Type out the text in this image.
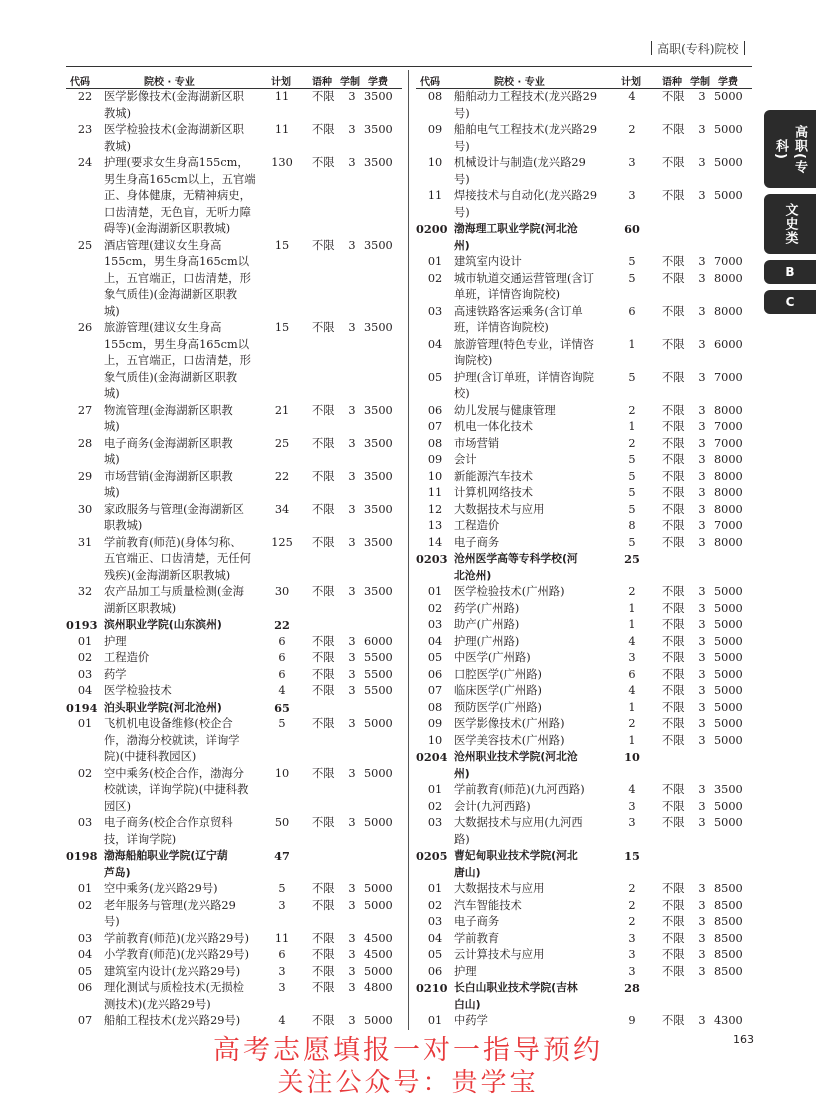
高职(专科)院校
代码	院校 · 专业	计划 语种 学制 学费
22	11	不限	3 3500
医学影像技术(金海湖新区职
教城)
23	11	不限	3 3500
医学检验技术(金海湖新区职
教城)
24	130	不限	3 3500
护理(要求女生身高155cm，
男生身高165cm以上，五官端
正、身体健康，无精神病史，
口齿清楚，无色盲，无听力障
碍等)(金海湖新区职教城)
25	15	不限	3 3500
酒店管理(建议女生身高
155cm，男生身高165cm以
上，五官端正，口齿清楚，形
象气质佳)(金海湖新区职教
城)
26	15	不限	3 3500
旅游管理(建议女生身高
155cm，男生身高165cm以
上，五官端正，口齿清楚，形
象气质佳)(金海湖新区职教
城)
27	21	不限	3 3500
物流管理(金海湖新区职教
城)
28	25	不限	3 3500
电子商务(金海湖新区职教
城)
29	22	不限	3 3500
市场营销(金海湖新区职教
城)
30	34	不限	3 3500
家政服务与管理(金海湖新区
职教城)
31	125	不限	3 3500
学前教育(师范)(身体匀称、
五官端正、口齿清楚，无任何
残疾)(金海湖新区职教城)
32	30	不限	3 3500
农产品加工与质量检测(金海
湖新区职教城)
0193	22
滨州职业学院(山东滨州)
01	6	不限	3 6000
护理
02	6	不限	3 5500
工程造价
03	6	不限	3 5500
药学
04	4	不限	3 5500
医学检验技术
0194	65
泊头职业学院(河北沧州)
01	5	不限	3 5000
飞机机电设备维修(校企合
作，渤海分校就读，详询学
院)(中捷科教园区)
02	10	不限	3 5000
空中乘务(校企合作，渤海分
校就读，详询学院)(中捷科教
园区)
03	50	不限	3 5000
电子商务(校企合作京贸科
技，详询学院)
0198	47
渤海船舶职业学院(辽宁葫
芦岛)
01	5	不限	3 5000
空中乘务(龙兴路29号)
02	3	不限	3 5000
老年服务与管理(龙兴路29
号)
03	11	不限	3 4500
学前教育(师范)(龙兴路29号)
04	6	不限	3 4500
小学教育(师范)(龙兴路29号)
05	3	不限	3 5000
建筑室内设计(龙兴路29号)
06	3	不限	3 4800
理化测试与质检技术(无损检
测技术)(龙兴路29号)
07	4	不限	3 5000
船舶工程技术(龙兴路29号)
代码	院校 · 专业	计划 语种 学制 学费
08	4	不限	3 5000
船舶动力工程技术(龙兴路29
号)
09	2	不限	3 5000
船舶电气工程技术(龙兴路29
号)
10	3	不限	3 5000
机械设计与制造(龙兴路29
号)
11	3	不限	3 5000
焊接技术与自动化(龙兴路29
号)
0200	60
渤海理工职业学院(河北沧
州)
01	5	不限	3 7000
建筑室内设计
02	5	不限	3 8000
城市轨道交通运营管理(含订
单班，详情咨询院校)
03	6	不限	3 8000
高速铁路客运乘务(含订单
班，详情咨询院校)
04	1	不限	3 6000
旅游管理(特色专业，详情咨
询院校)
05	5	不限	3 7000
护理(含订单班，详情咨询院
校)
06	2	不限	3 8000
幼儿发展与健康管理
07	1	不限	3 7000
机电一体化技术
08	2	不限	3 7000
市场营销
09	5	不限	3 8000
会计
10	5	不限	3 8000
新能源汽车技术
11	5	不限	3 8000
计算机网络技术
12	5	不限	3 8000
大数据技术与应用
13	8	不限	3 7000
工程造价
14	5	不限	3 8000
电子商务
0203	25
沧州医学高等专科学校(河
北沧州)
01	2	不限	3 5000
医学检验技术(广州路)
02	1	不限	3 5000
药学(广州路)
03	1	不限	3 5000
助产(广州路)
04	4	不限	3 5000
护理(广州路)
05	3	不限	3 5000
中医学(广州路)
06	6	不限	3 5000
口腔医学(广州路)
07	4	不限	3 5000
临床医学(广州路)
08	1	不限	3 5000
预防医学(广州路)
09	2	不限	3 5000
医学影像技术(广州路)
10	1	不限	3 5000
医学美容技术(广州路)
0204	10
沧州职业技术学院(河北沧
州)
01	4	不限	3 3500
学前教育(师范)(九河西路)
02	3	不限	3 5000
会计(九河西路)
03	3	不限	3 5000
大数据技术与应用(九河西
路)
0205	15
曹妃甸职业技术学院(河北
唐山)
01	2	不限	3 8500
大数据技术与应用
02	2	不限	3 8500
汽车智能技术
03	2	不限	3 8500
电子商务
04	3	不限	3 8500
学前教育
05	3	不限	3 8500
云计算技术与应用
06	3	不限	3 8500
护理
0210	28
长白山职业技术学院(吉林
白山)
01	9	不限	3 4300
中药学
高职(专科)
文史类
B
C
163
高考志愿填报一对一指导预约
关注公众号：贵学宝
